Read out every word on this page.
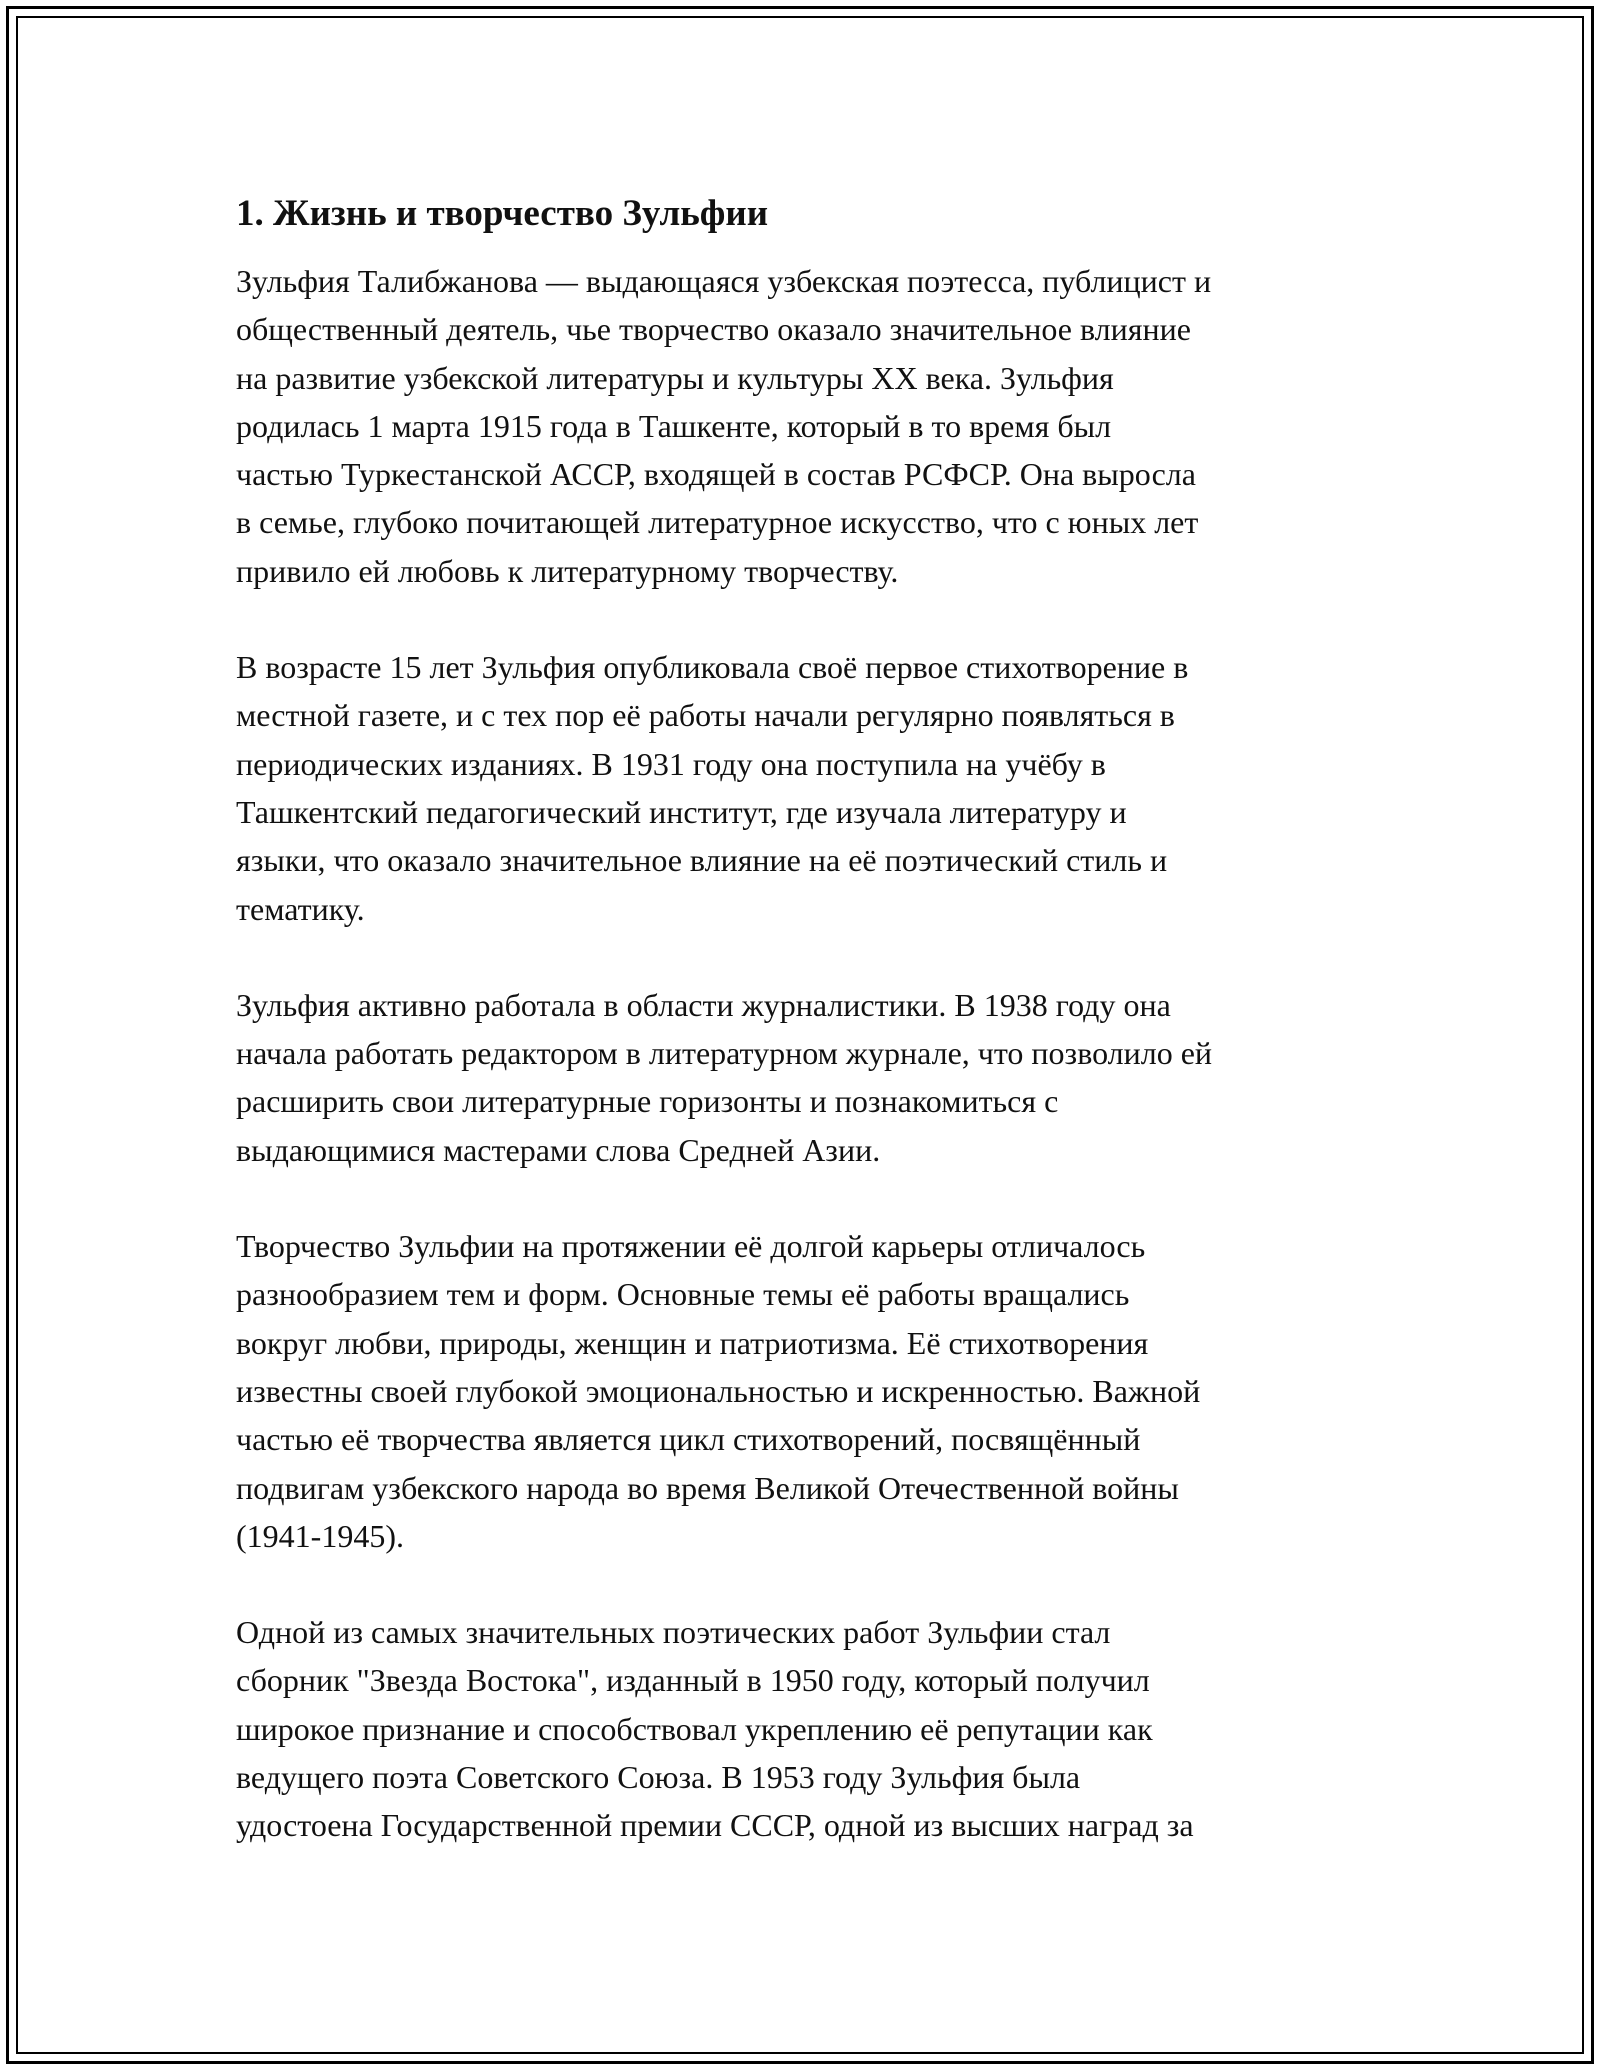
1. Жизнь и творчество Зульфии

Зульфия Талибжанова — выдающаяся узбекская поэтесса, публицист и
общественный деятель, чье творчество оказало значительное влияние
на развитие узбекской литературы и культуры XX века. Зульфия
родилась 1 марта 1915 года в Ташкенте, который в то время был
частью Туркестанской АССР, входящей в состав РСФСР. Она выросла
в семье, глубоко почитающей литературное искусство, что с юных лет
привило ей любовь к литературному творчеству.

В возрасте 15 лет Зульфия опубликовала своё первое стихотворение в
местной газете, и с тех пор её работы начали регулярно появляться в
периодических изданиях. В 1931 году она поступила на учёбу в
Ташкентский педагогический институт, где изучала литературу и
языки, что оказало значительное влияние на её поэтический стиль и
тематику.

Зульфия активно работала в области журналистики. В 1938 году она
начала работать редактором в литературном журнале, что позволило ей
расширить свои литературные горизонты и познакомиться с
выдающимися мастерами слова Средней Азии.

Творчество Зульфии на протяжении её долгой карьеры отличалось
разнообразием тем и форм. Основные темы её работы вращались
вокруг любви, природы, женщин и патриотизма. Её стихотворения
известны своей глубокой эмоциональностью и искренностью. Важной
частью её творчества является цикл стихотворений, посвящённый
подвигам узбекского народа во время Великой Отечественной войны
(1941-1945).

Одной из самых значительных поэтических работ Зульфии стал
сборник "Звезда Востока", изданный в 1950 году, который получил
широкое признание и способствовал укреплению её репутации как
ведущего поэта Советского Союза. В 1953 году Зульфия была
удостоена Государственной премии СССР, одной из высших наград за
